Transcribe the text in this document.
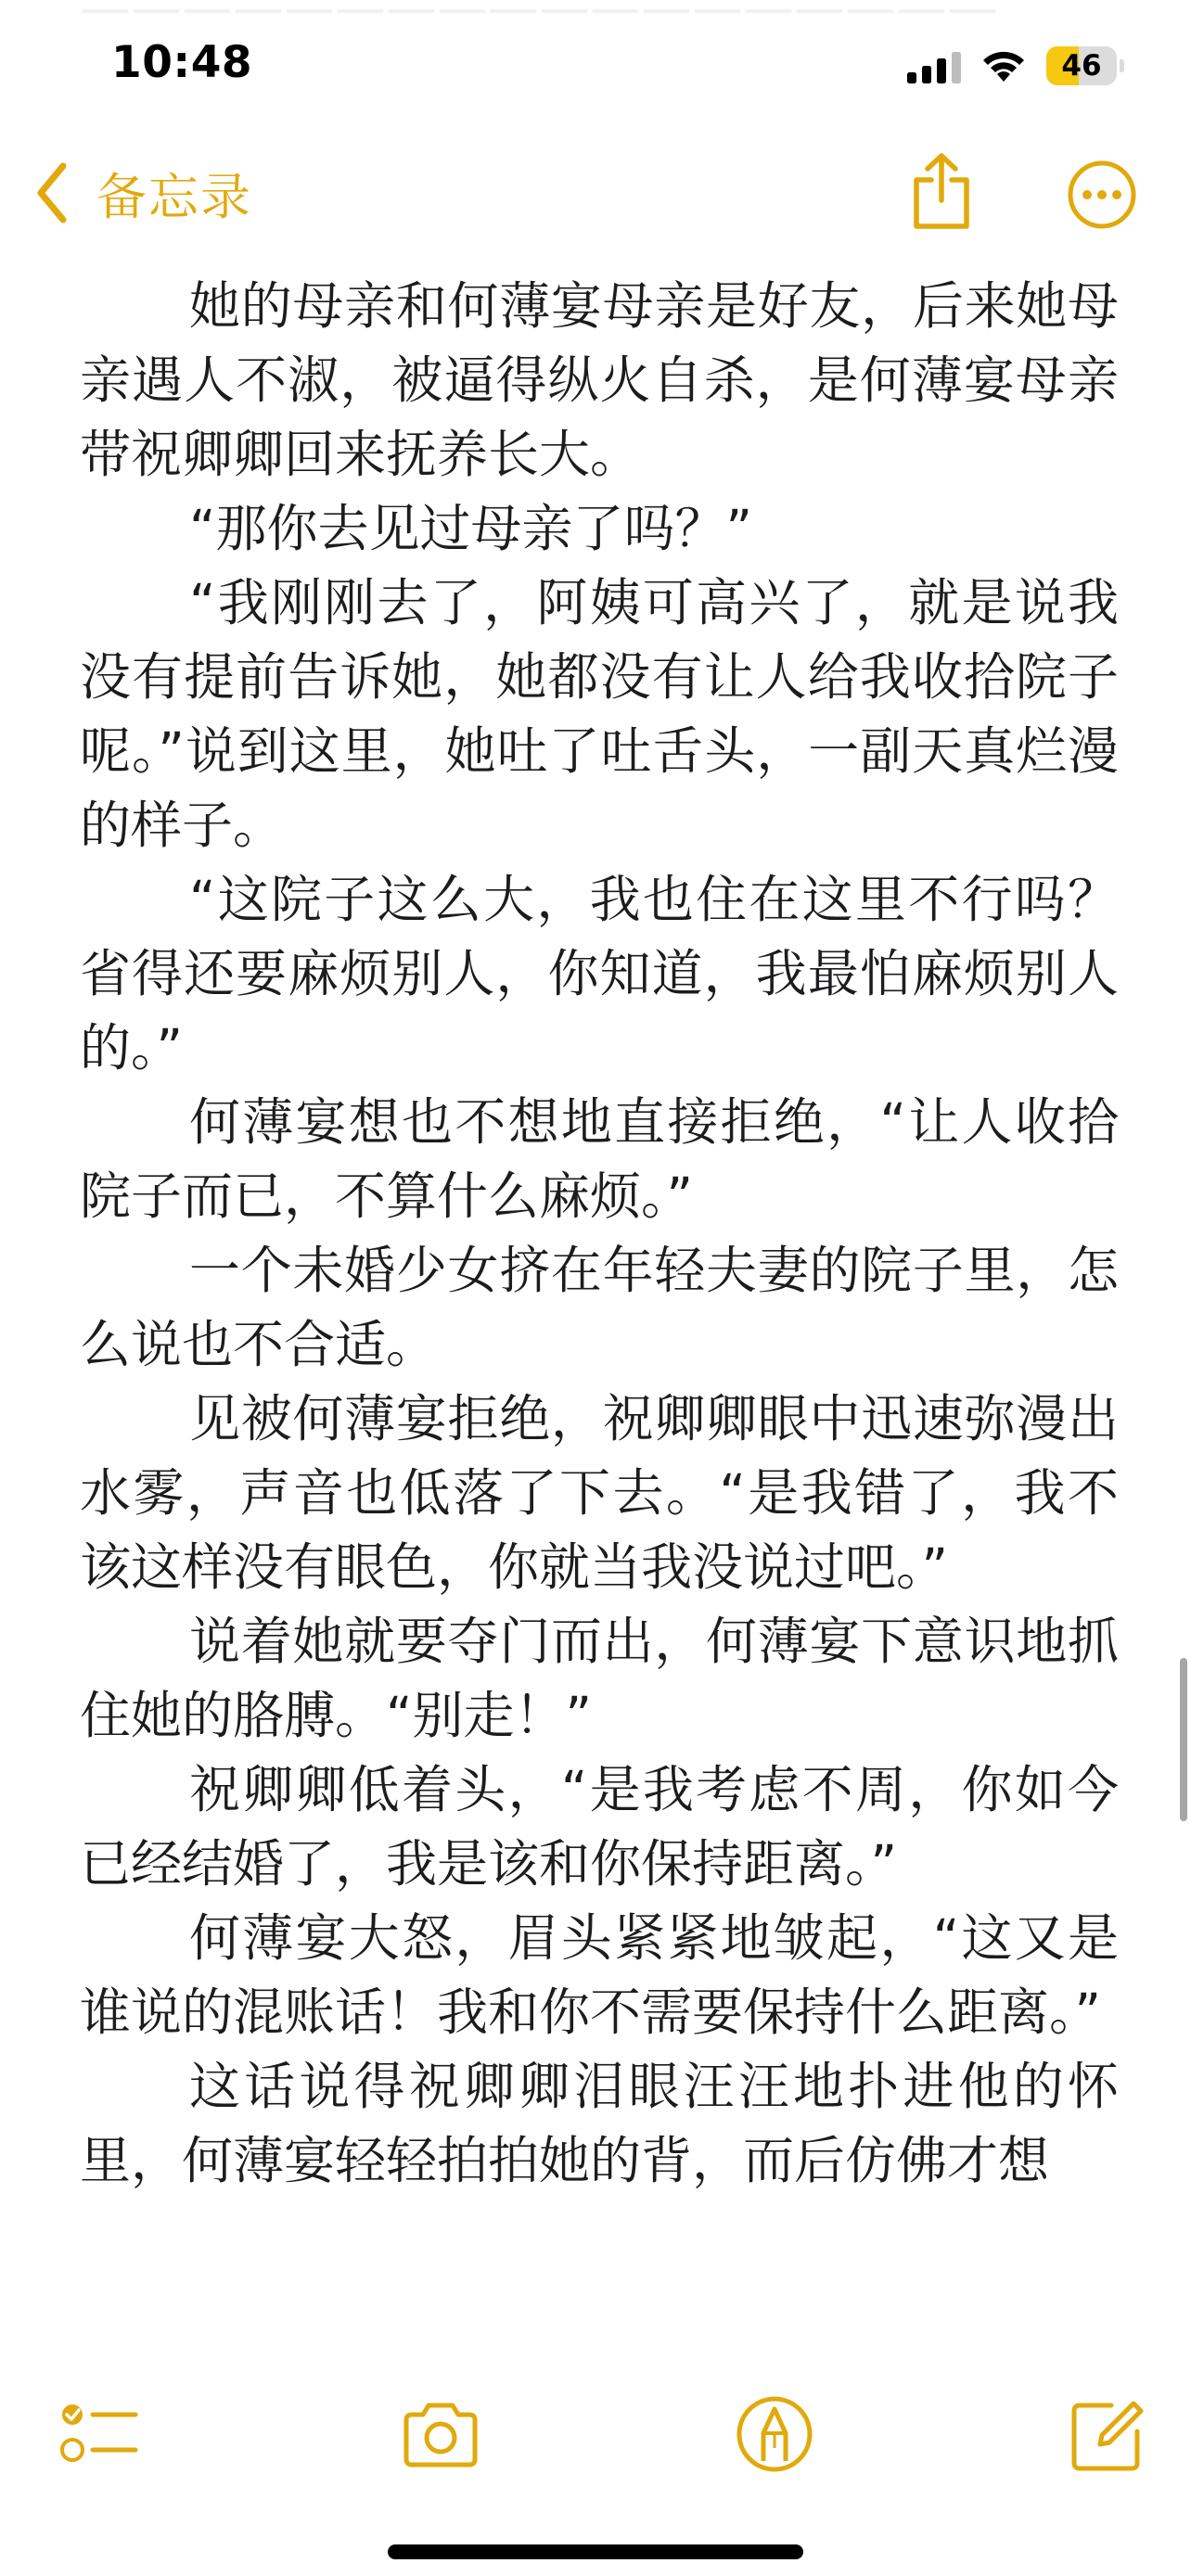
——————————————————

10:48	46
备忘录

她的母亲和何薄宴母亲是好友，后来她母亲遇人不淑，被逼得纵火自杀，是何薄宴母亲带祝卿卿回来抚养长大。

“那你去见过母亲了吗？”

“我刚刚去了，阿姨可高兴了，就是说我没有提前告诉她，她都没有让人给我收拾院子呢。”说到这里，她吐了吐舌头，一副天真烂漫的样子。

“这院子这么大，我也住在这里不行吗？省得还要麻烦别人，你知道，我最怕麻烦别人的。”

何薄宴想也不想地直接拒绝，“让人收拾院子而已，不算什么麻烦。”

一个未婚少女挤在年轻夫妻的院子里，怎么说也不合适。

见被何薄宴拒绝，祝卿卿眼中迅速弥漫出水雾，声音也低落了下去。“是我错了，我不该这样没有眼色，你就当我没说过吧。”

说着她就要夺门而出，何薄宴下意识地抓住她的胳膊。“别走！”

祝卿卿低着头，“是我考虑不周，你如今已经结婚了，我是该和你保持距离。”

何薄宴大怒，眉头紧紧地皱起，“这又是谁说的混账话！我和你不需要保持什么距离。”

这话说得祝卿卿泪眼汪汪地扑进他的怀里，何薄宴轻轻拍拍她的背，而后仿佛才想
